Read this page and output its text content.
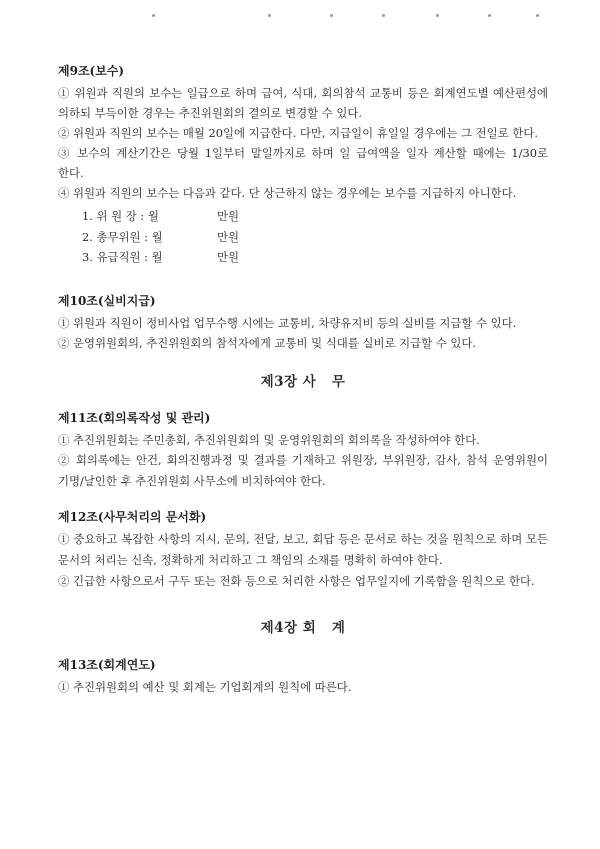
제9조(보수)

① 위원과 직원의 보수는 일급으로 하며 급여, 식대, 회의참석 교통비 등은 회계연도별 예산편성에 의하되 부득이한 경우는 추진위원회의 결의로 변경할 수 있다.

② 위원과 직원의 보수는 매월 20일에 지급한다. 다만, 지급일이 휴일일 경우에는 그 전일로 한다.

③ 보수의 계산기간은 당월 1일부터 말일까지로 하며 일 급여액을 일자 계산할 때에는 1/30로 한다.

④ 위원과 직원의 보수는 다음과 같다. 단 상근하지 않는 경우에는 보수를 지급하지 아니한다.

1. 위 원 장 : 월	만원
2. 총무위원 : 월	만원
3. 유급직원 : 월	만원
제10조(실비지급)

① 위원과 직원이 정비사업 업무수행 시에는 교통비, 차량유지비 등의 실비를 지급할 수 있다.

② 운영위원회의, 추진위원회의 참석자에게 교통비 및 식대를 실비로 지급할 수 있다.

제3장 사   무
제11조(회의록작성 및 관리)

① 추진위원회는 주민총회, 추진위원회의 및 운영위원회의 회의록을 작성하여야 한다.

② 회의록에는 안건, 회의진행과정 및 결과를 기재하고 위원장, 부위원장, 감사, 참석 운영위원이 기명/날인한 후 추진위원회 사무소에 비치하여야 한다.

제12조(사무처리의 문서화)

① 중요하고 복잡한 사항의 지시, 문의, 전달, 보고, 회답 등은 문서로 하는 것을 원칙으로 하며 모든 문서의 처리는 신속, 정확하게 처리하고 그 책임의 소재를 명확히 하여야 한다.

② 긴급한 사항으로서 구두 또는 전화 등으로 처리한 사항은 업무일지에 기록함을 원칙으로 한다.

제4장 회   계
제13조(회계연도)

① 추진위원회의 예산 및 회계는 기업회계의 원칙에 따른다.
